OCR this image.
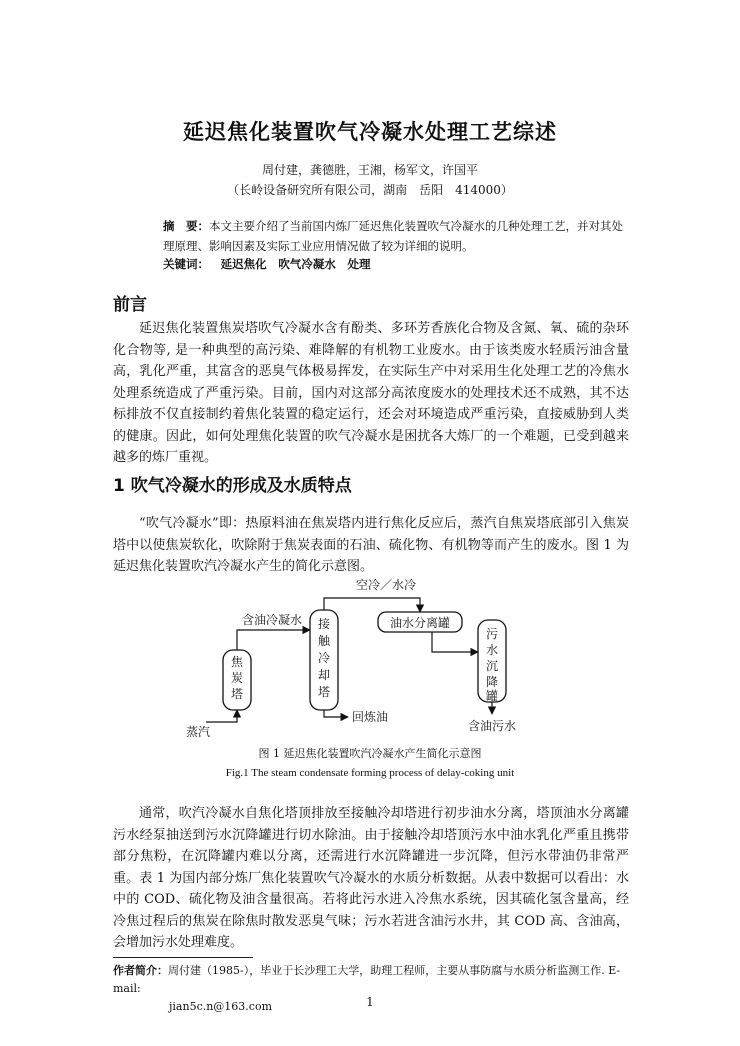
延迟焦化装置吹气冷凝水处理工艺综述
周付建，龚德胜，王湘，杨军文，许国平
（长岭设备研究所有限公司，湖南　岳阳　414000）
摘　要：本文主要介绍了当前国内炼厂延迟焦化装置吹气冷凝水的几种处理工艺，并对其处理原理、影响因素及实际工业应用情况做了较为详细的说明。
关键词： 延迟焦化 吹气冷凝水 处理
前言

延迟焦化装置焦炭塔吹气冷凝水含有酚类、多环芳香族化合物及含氮、氧、硫的杂环化合物等, 是一种典型的高污染、难降解的有机物工业废水。由于该类废水轻质污油含量高，乳化严重，其富含的恶臭气体极易挥发，在实际生产中对采用生化处理工艺的冷焦水处理系统造成了严重污染。目前，国内对这部分高浓度废水的处理技术还不成熟，其不达标排放不仅直接制约着焦化装置的稳定运行，还会对环境造成严重污染，直接威胁到人类的健康。因此，如何处理焦化装置的吹气冷凝水是困扰各大炼厂的一个难题，已受到越来越多的炼厂重视。

1 吹气冷凝水的形成及水质特点

“吹气冷凝水”即：热原料油在焦炭塔内进行焦化反应后，蒸汽自焦炭塔底部引入焦炭塔中以使焦炭软化，吹除附于焦炭表面的石油、硫化物、有机物等而产生的废水。图 1 为延迟焦化装置吹汽冷凝水产生的简化示意图。

焦
炭
塔
接
触
冷
却
塔
油水分离罐
污
水
沉
降
罐
空冷／水冷
含油冷凝水
回炼油
含油污水
蒸汽
图 1 延迟焦化装置吹汽冷凝水产生简化示意图
Fig.1 The steam condensate forming process of delay-coking unit

通常，吹汽冷凝水自焦化塔顶排放至接触冷却塔进行初步油水分离，塔顶油水分离罐污水经泵抽送到污水沉降罐进行切水除油。由于接触冷却塔顶污水中油水乳化严重且携带部分焦粉，在沉降罐内难以分离，还需进行水沉降罐进一步沉降，但污水带油仍非常严重。表 1 为国内部分炼厂焦化装置吹气冷凝水的水质分析数据。从表中数据可以看出：水中的 COD、硫化物及油含量很高。若将此污水进入冷焦水系统，因其硫化氢含量高，经冷焦过程后的焦炭在除焦时散发恶臭气味；污水若进含油污水井，其 COD 高、含油高，会增加污水处理难度。

作者简介：周付建（1985-），毕业于长沙理工大学，助理工程师，主要从事防腐与水质分析监测工作. E-mail:
jian5c.n@163.com	1
